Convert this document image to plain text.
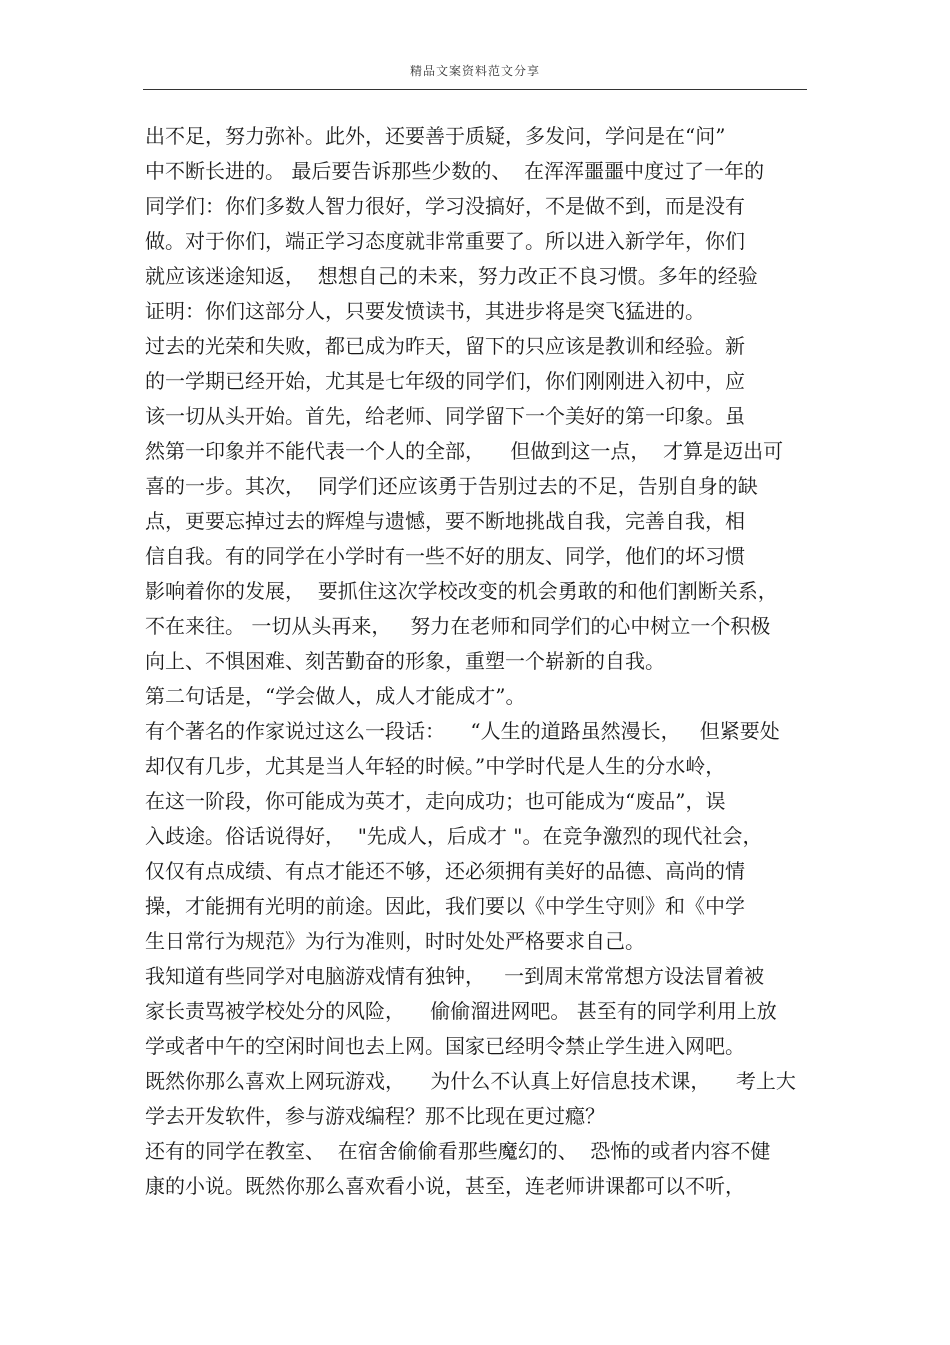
精品文案资料范文分享
出不足，努力弥补。此外，还要善于质疑，多发问，学问是在“问”
中不断长进的。 最后要告诉那些少数的、  在浑浑噩噩中度过了一年的
同学们：你们多数人智力很好，学习没搞好，不是做不到，而是没有
做。对于你们，端正学习态度就非常重要了。所以进入新学年，你们
就应该迷途知返，  想想自己的未来，努力改正不良习惯。多年的经验
证明：你们这部分人，只要发愤读书，其进步将是突飞猛进的。
过去的光荣和失败，都已成为昨天，留下的只应该是教训和经验。新
的一学期已经开始，尤其是七年级的同学们，你们刚刚进入初中，应
该一切从头开始。首先，给老师、同学留下一个美好的第一印象。虽
然第一印象并不能代表一个人的全部，    但做到这一点，  才算是迈出可
喜的一步。其次，  同学们还应该勇于告别过去的不足，告别自身的缺
点，更要忘掉过去的辉煌与遗憾，要不断地挑战自我，完善自我，相
信自我。有的同学在小学时有一些不好的朋友、同学，他们的坏习惯
影响着你的发展，  要抓住这次学校改变的机会勇敢的和他们割断关系，
不在来往。 一切从头再来，   努力在老师和同学们的心中树立一个积极
向上、不惧困难、刻苦勤奋的形象，重塑一个崭新的自我。
第二句话是，“学会做人，成人才能成才”。
有个著名的作家说过这么一段话：    “人生的道路虽然漫长，   但紧要处
却仅有几步，尤其是当人年轻的时候。”中学时代是人生的分水岭，
在这一阶段，你可能成为英才，走向成功；也可能成为“废品”，误
入歧途。俗话说得好，  "先成人，后成才 "。在竞争激烈的现代社会，
仅仅有点成绩、有点才能还不够，还必须拥有美好的品德、高尚的情
操，才能拥有光明的前途。因此，我们要以《中学生守则》和《中学
生日常行为规范》为行为准则，时时处处严格要求自己。
我知道有些同学对电脑游戏情有独钟，   一到周末常常想方设法冒着被
家长责骂被学校处分的风险，    偷偷溜进网吧。 甚至有的同学利用上放
学或者中午的空闲时间也去上网。国家已经明令禁止学生进入网吧。
既然你那么喜欢上网玩游戏，    为什么不认真上好信息技术课，    考上大
学去开发软件，参与游戏编程？那不比现在更过瘾？
还有的同学在教室、  在宿舍偷偷看那些魔幻的、  恐怖的或者内容不健
康的小说。既然你那么喜欢看小说，甚至，连老师讲课都可以不听，
